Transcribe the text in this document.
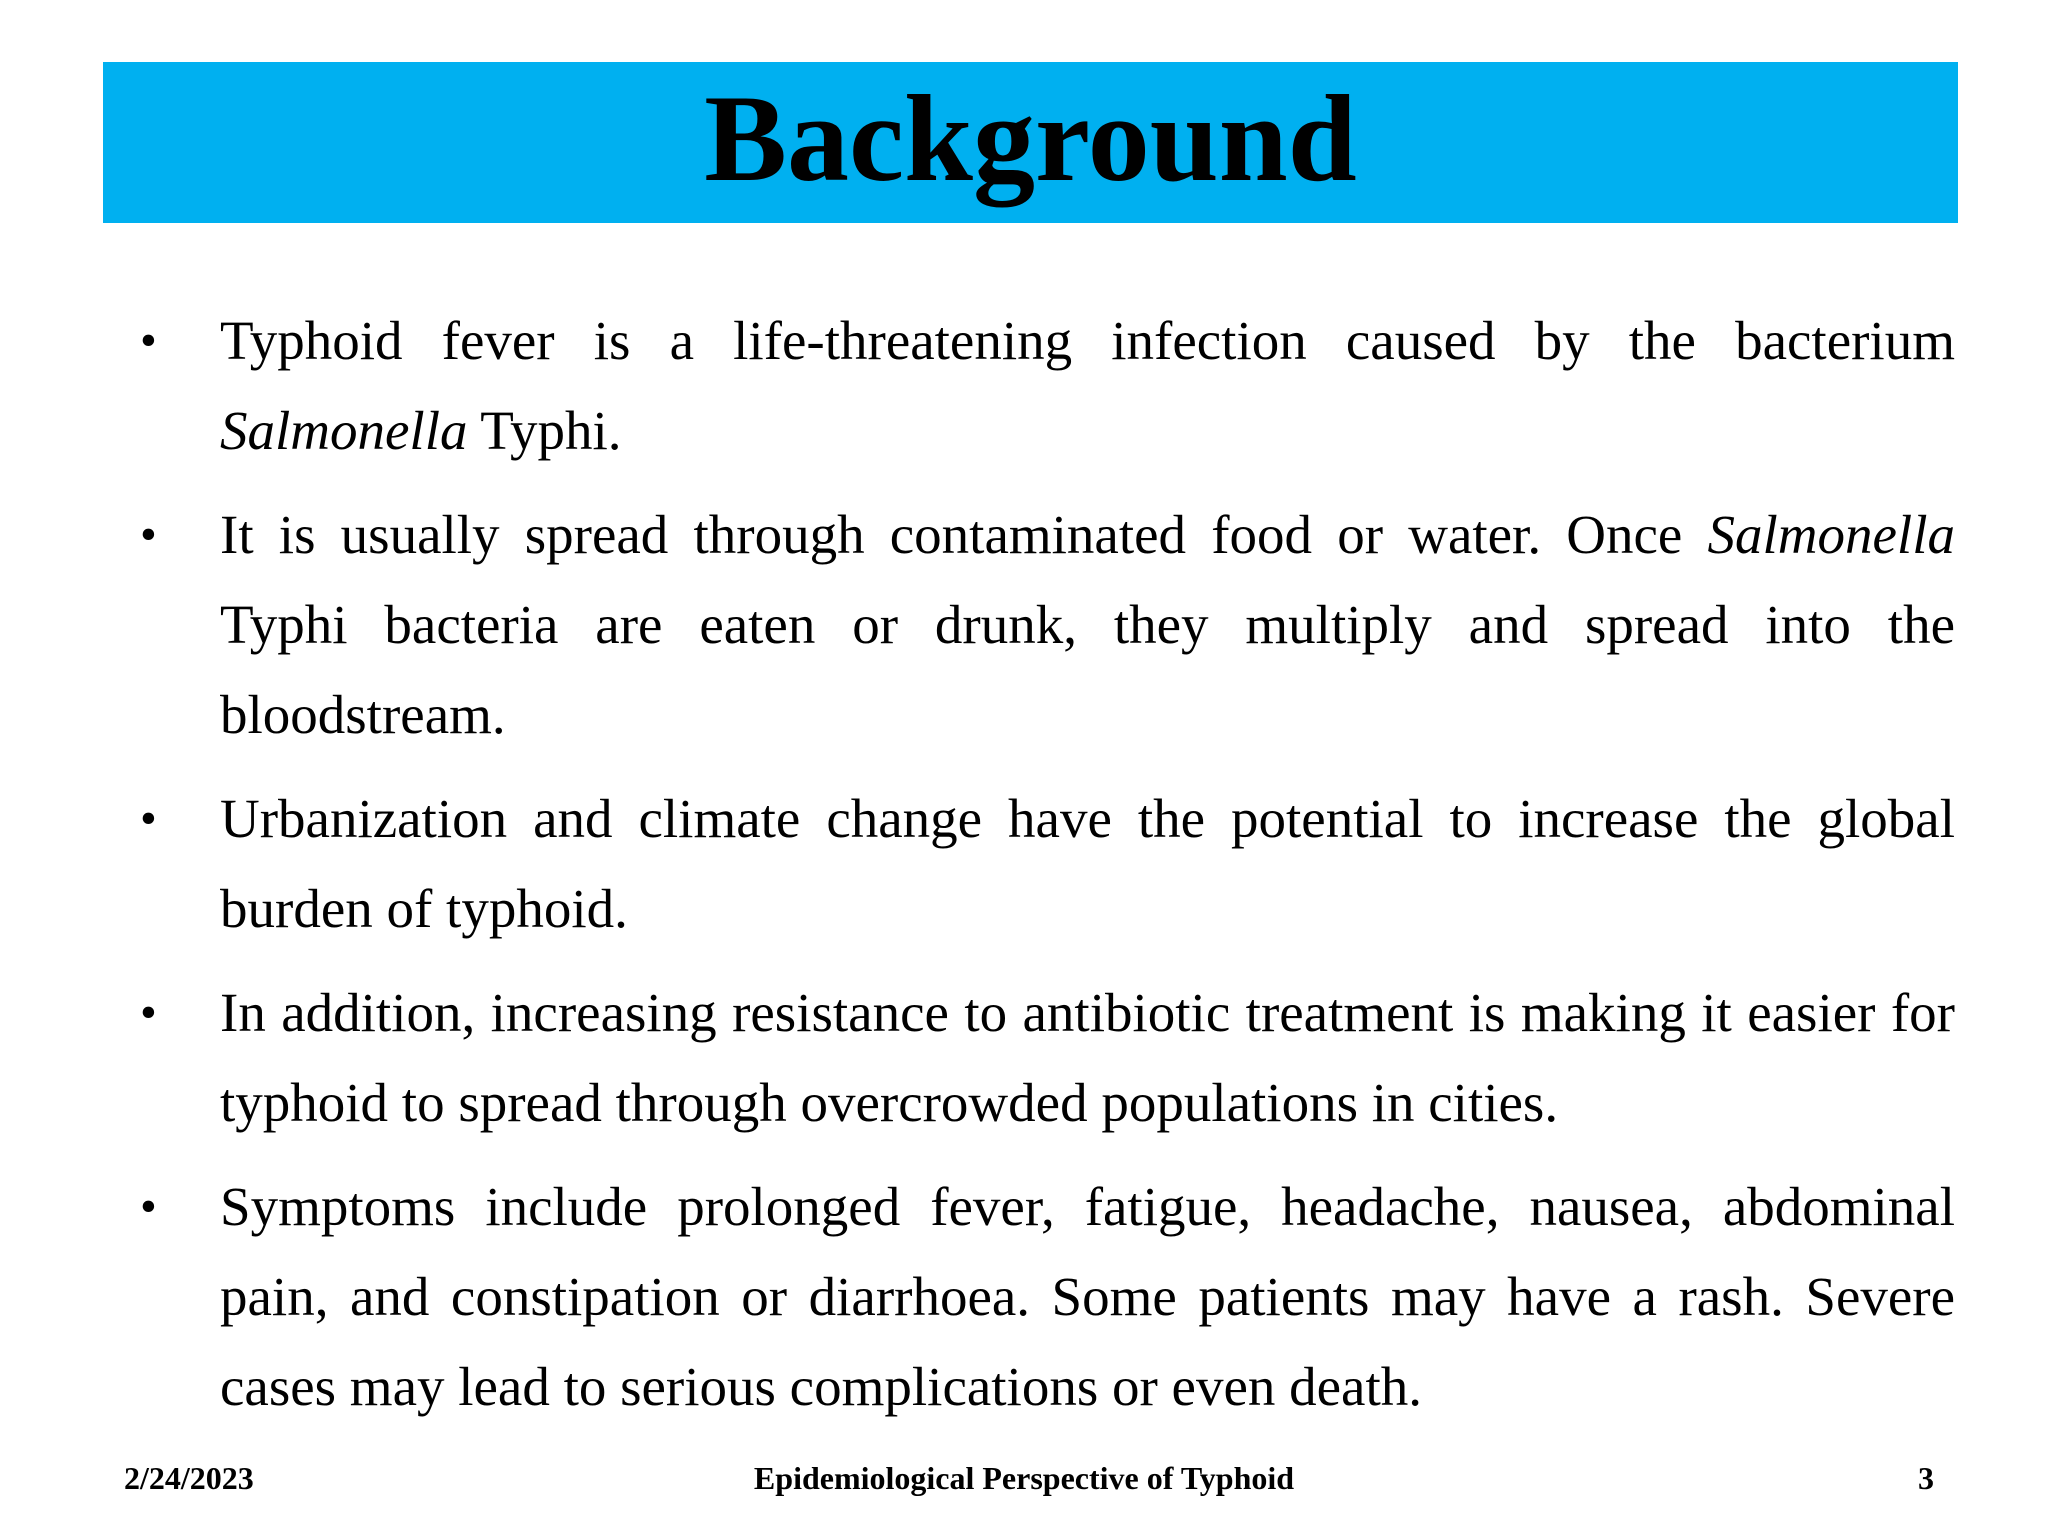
Background
•	Typhoid fever is a life-threatening infection caused by the bacterium Salmonella Typhi.
•	It is usually spread through contaminated food or water. Once Salmonella Typhi bacteria are eaten or drunk, they multiply and spread into the bloodstream.
•	Urbanization and climate change have the potential to increase the global burden of typhoid.
•	In addition, increasing resistance to antibiotic treatment is making it easier for typhoid to spread through overcrowded populations in cities.
•	Symptoms include prolonged fever, fatigue, headache, nausea, abdominal pain, and constipation or diarrhoea. Some patients may have a rash. Severe cases may lead to serious complications or even death.
2/24/2023	Epidemiological Perspective of Typhoid	3
